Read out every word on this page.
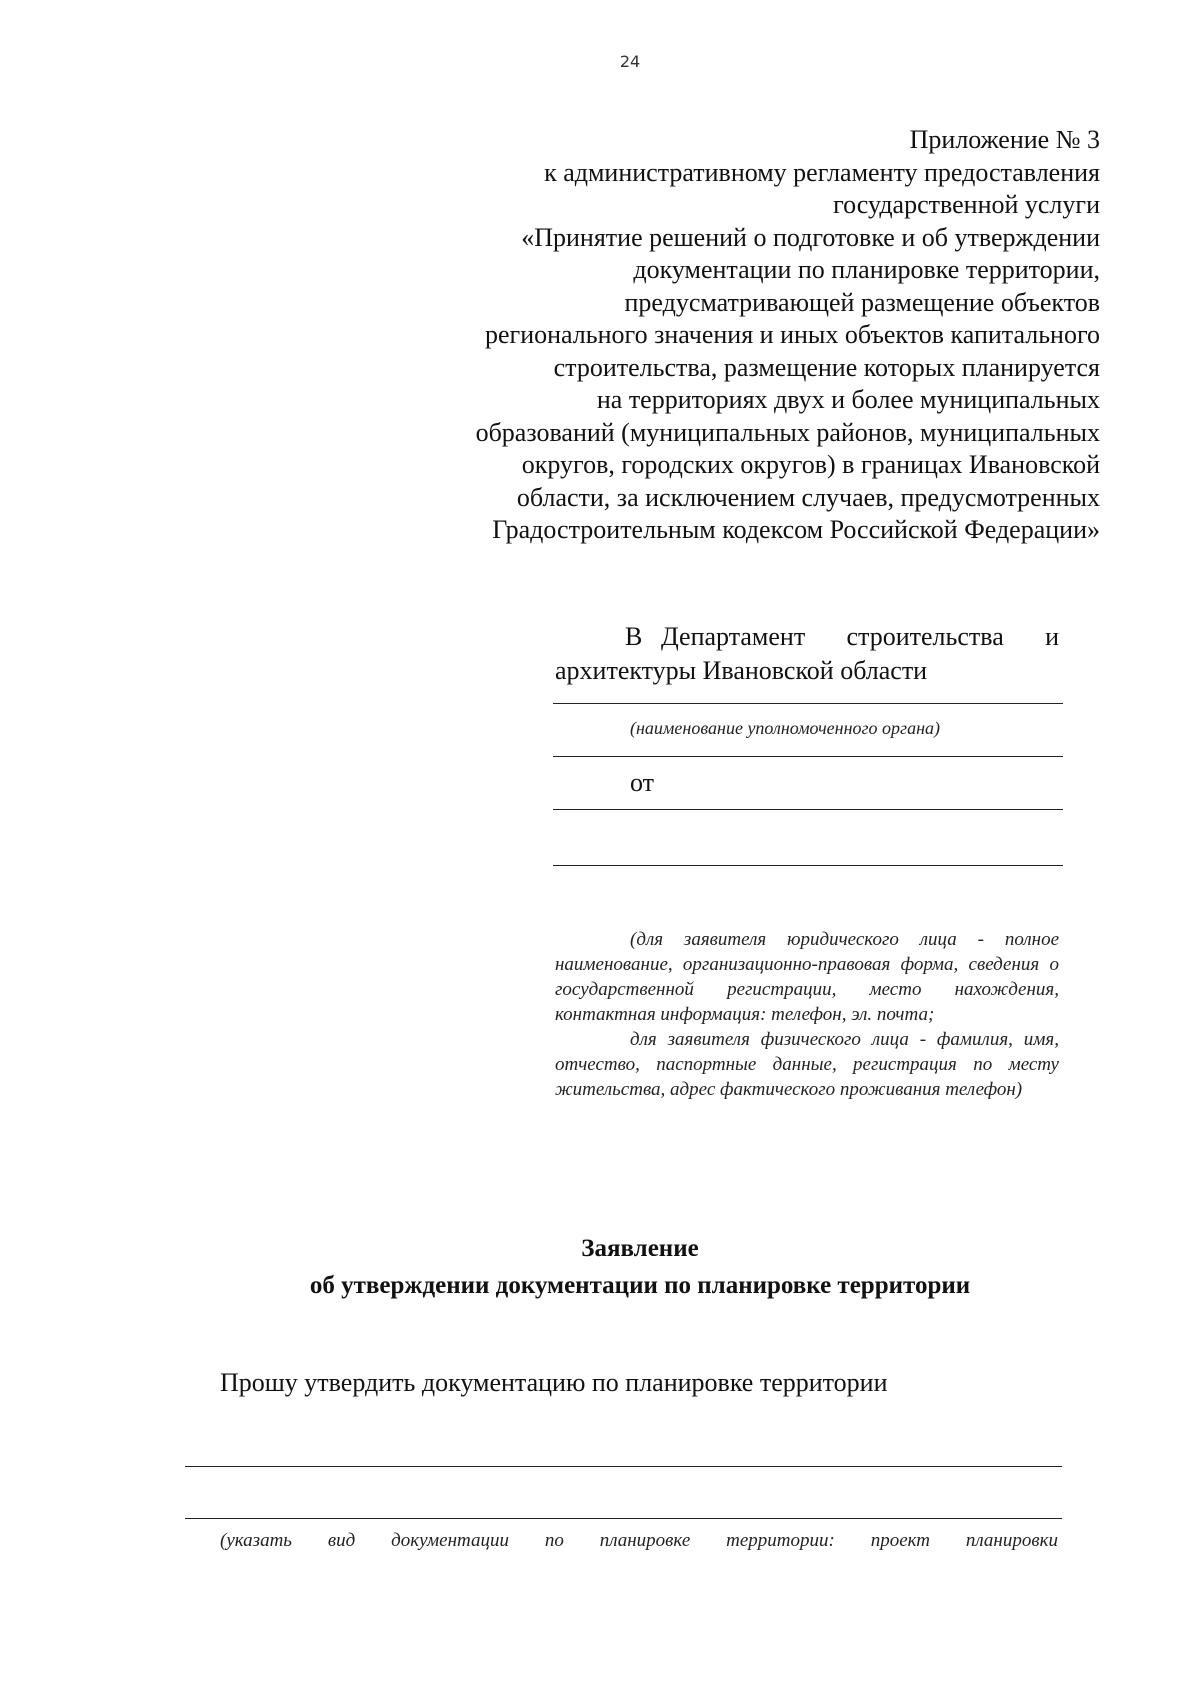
24
Приложение № 3
к административному регламенту предоставления
государственной услуги
«Принятие решений о подготовке и об утверждении
документации по планировке территории,
предусматривающей размещение объектов
регионального значения и иных объектов капитального
строительства, размещение которых планируется
на территориях двух и более муниципальных
образований (муниципальных районов, муниципальных
округов, городских округов) в границах Ивановской
области, за исключением случаев, предусмотренных
Градостроительным кодексом Российской Федерации»
В Департамент строительства и
архитектуры Ивановской области
(наименование уполномоченного органа)
от

(для заявителя юридического лица - полное наименование, организационно-правовая форма, сведения о государственной регистрации, место нахождения, контактная информация: телефон, эл. почта;

для заявителя физического лица - фамилия, имя, отчество, паспортные данные, регистрация по месту жительства, адрес фактического проживания телефон)

Заявление
об утверждении документации по планировке территории
Прошу утвердить документацию по планировке территории
(указать вид документации по планировке территории: проект планировки
